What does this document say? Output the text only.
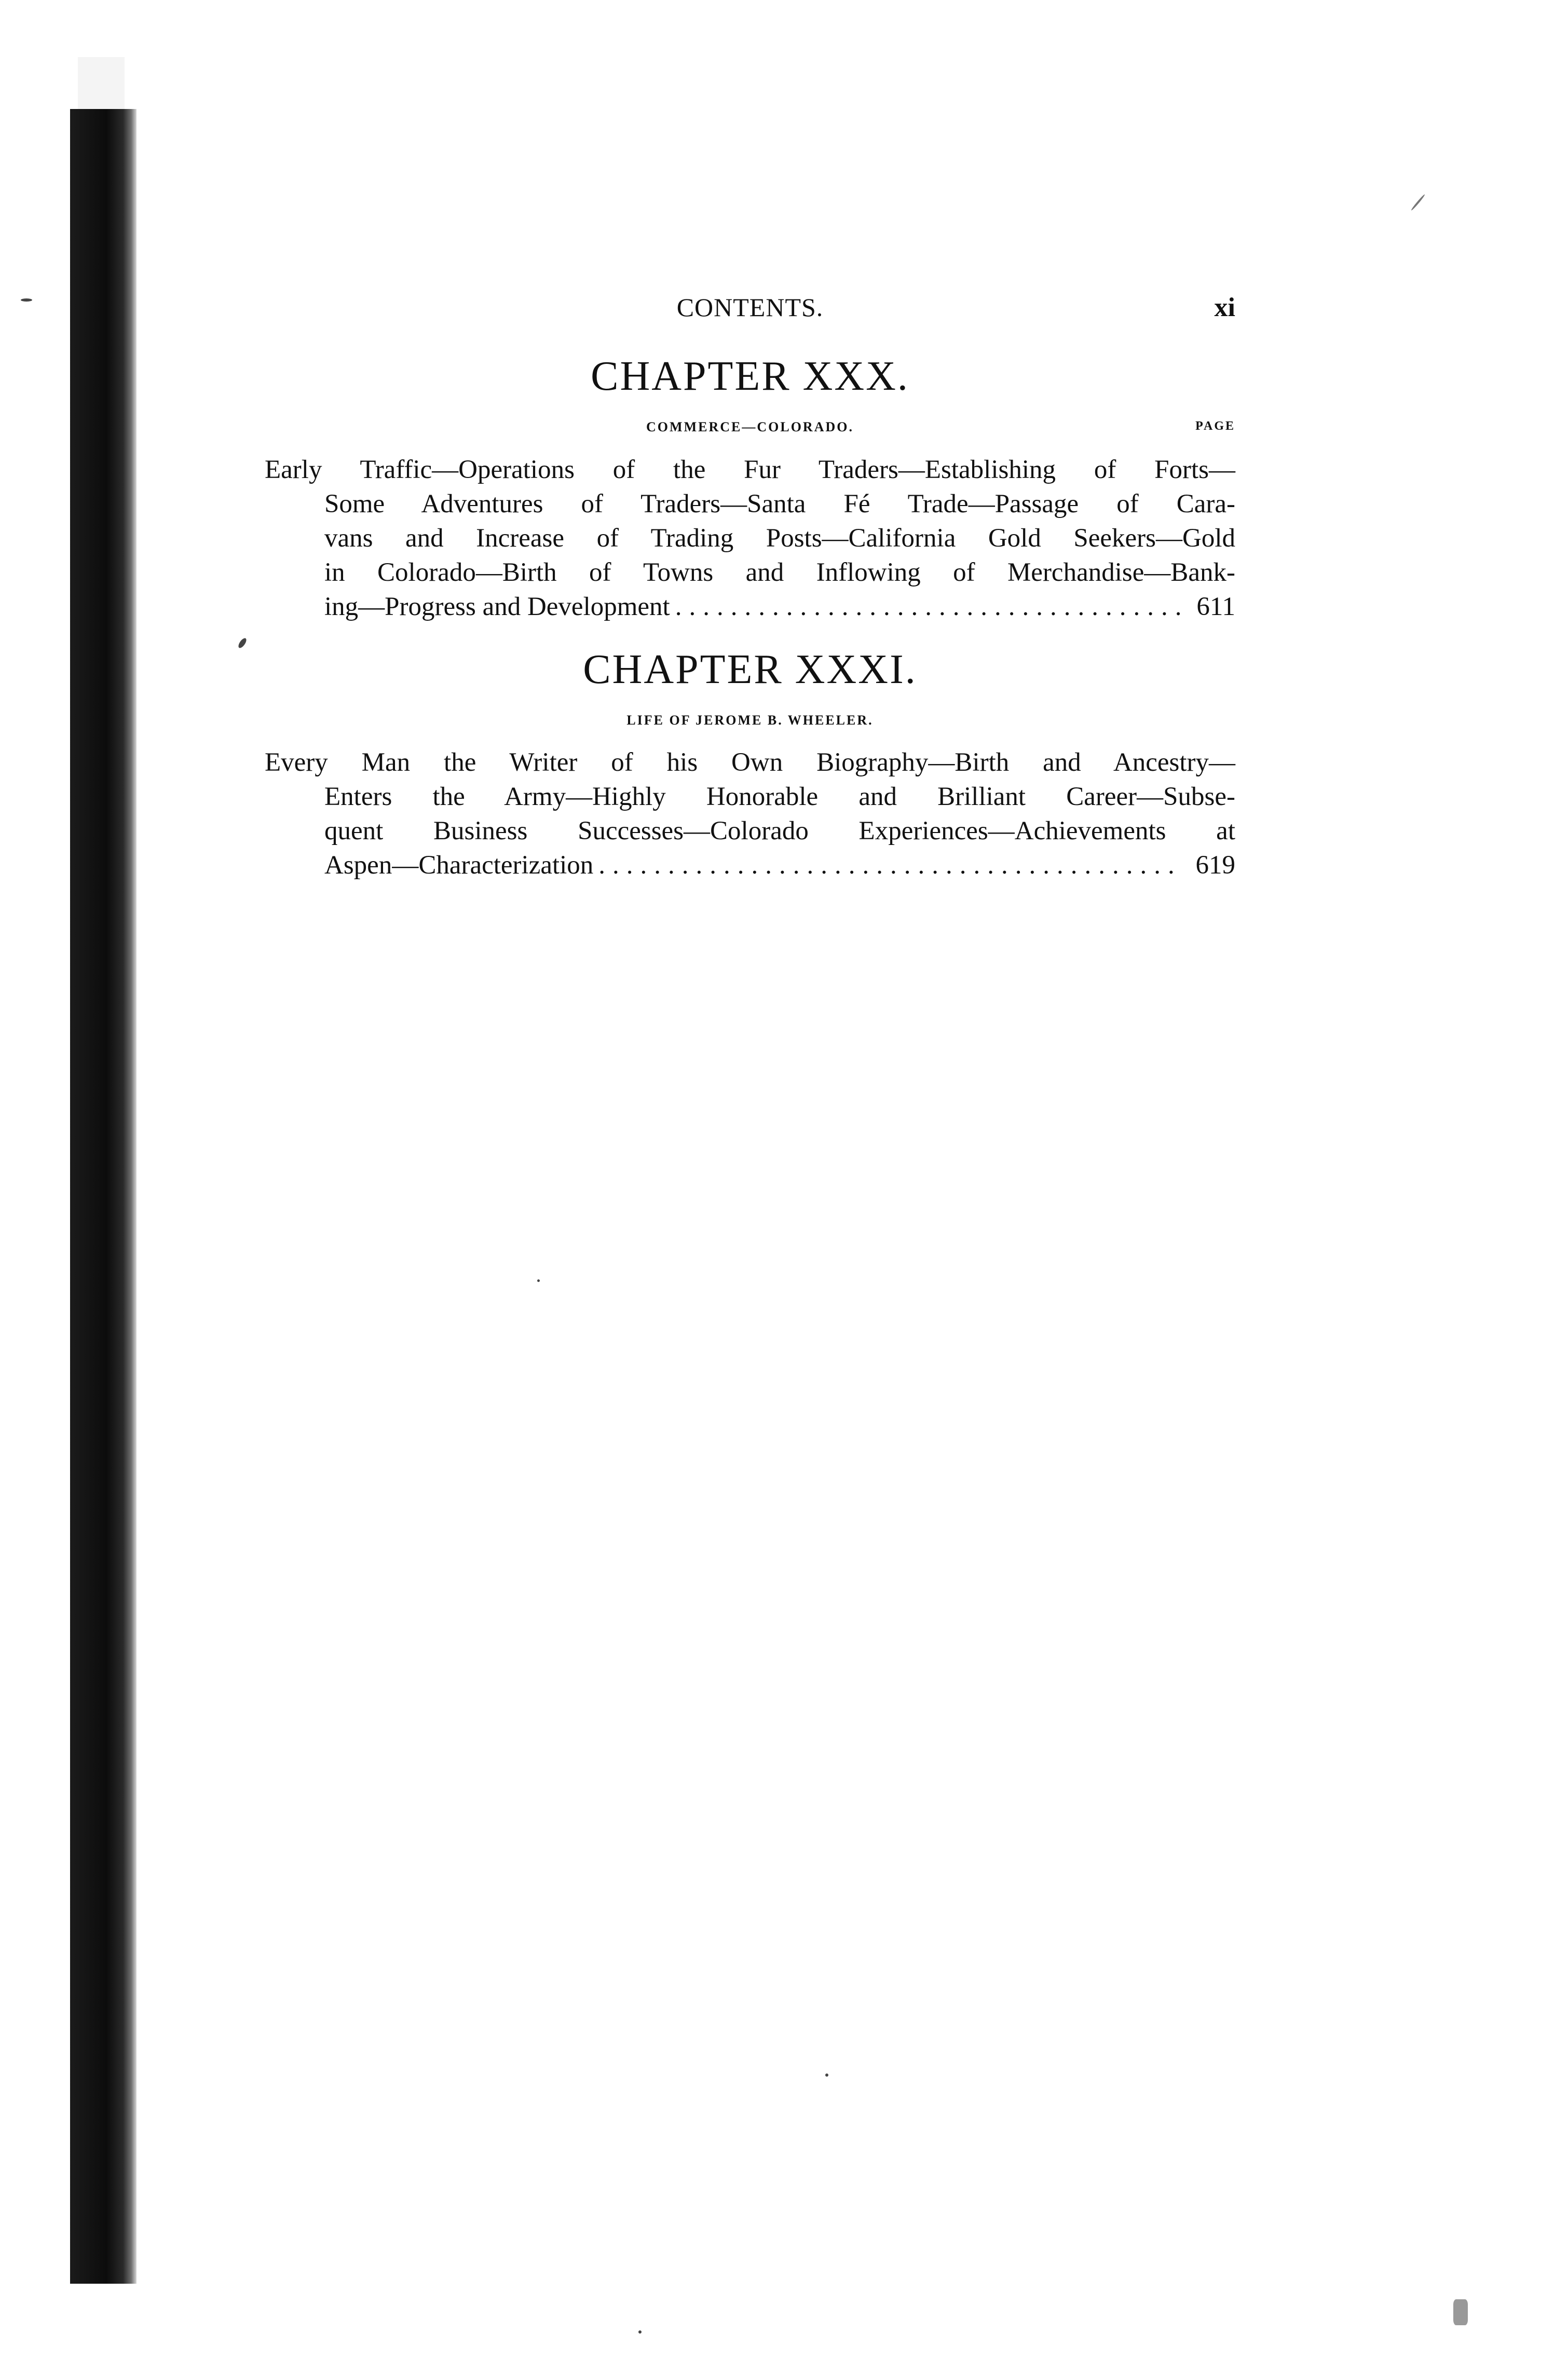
CONTENTS.	xi
CHAPTER XXX.
COMMERCE—COLORADO.	PAGE
Early Traffic—Operations of the Fur Traders—Establishing of Forts—
Some Adventures of Traders—Santa Fé Trade—Passage of Cara-
vans and Increase of Trading Posts—California Gold Seekers—Gold
in Colorado—Birth of Towns and Inflowing of Merchandise—Bank-
ing—Progress and Development .....	611
CHAPTER XXXI.
LIFE OF JEROME B. WHEELER.
Every Man the Writer of his Own Biography—Birth and Ancestry—
Enters the Army—Highly Honorable and Brilliant Career—Subse-
quent Business Successes—Colorado Experiences—Achievements at
Aspen—Characterization .....	619
